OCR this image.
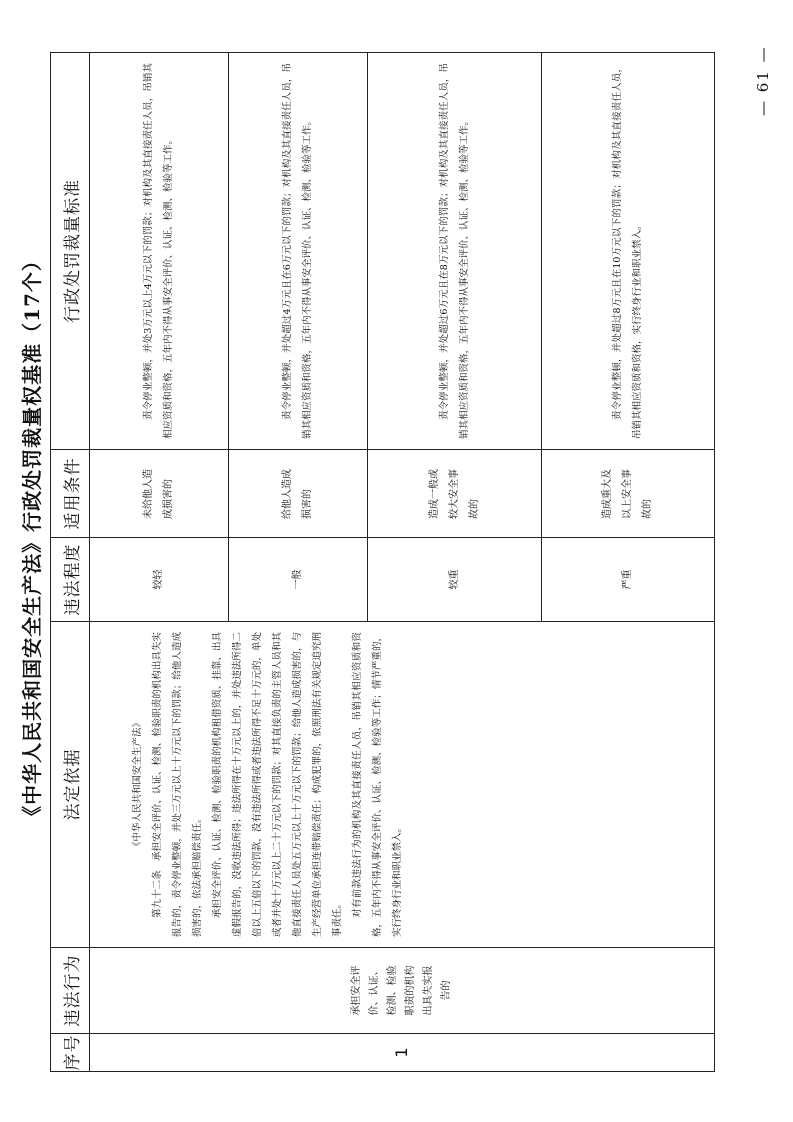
《中华人民共和国安全生产法》行政处罚裁量权基准（17个）
序号	违法行为	法定依据	违法程度	适用条件	行政处罚裁量标准
1	承担安全评价、认证、检测、检验职责的机构出具失实报告的	《中华人民共和国安全生产法》 第九十二条　承担安全评价、认证、检测、检验职责的机构出具失实报告的，责令停业整顿，并处三万元以上十万元以下的罚款；给他人造成损害的，依法承担赔偿责任。 承担安全评价、认证、检测、检验职责的机构租借资质、挂靠、出具虚假报告的，没收违法所得；违法所得在十万元以上的，并处违法所得二倍以上五倍以下的罚款，没有违法所得或者违法所得不足十万元的，单处或者并处十万元以上二十万元以下的罚款；对其直接负责的主管人员和其他直接责任人员处五万元以上十万元以下的罚款；给他人造成损害的，与生产经营单位承担连带赔偿责任；构成犯罪的，依照刑法有关规定追究刑事责任。 对有前款违法行为的机构及其直接责任人员，吊销其相应资质和资格，五年内不得从事安全评价、认证、检测、检验等工作；情节严重的，实行终身行业和职业禁入。	较轻	未给他人造成损害的	责令停业整顿，并处3万元以上4万元以下的罚款；对机构及其直接责任人员，吊销其相应资质和资格，五年内不得从事安全评价、认证、检测、检验等工作。
			一般	给他人造成损害的	责令停业整顿，并处超过4万元且在6万元以下的罚款；对机构及其直接责任人员，吊销其相应资质和资格，五年内不得从事安全评价、认证、检测、检验等工作。
			较重	造成一般或较大安全事故的	责令停业整顿，并处超过6万元且在8万元以下的罚款；对机构及其直接责任人员，吊销其相应资质和资格，五年内不得从事安全评价、认证、检测、检验等工作。
			严重	造成重大及以上安全事故的	责令停业整顿，并处超过8万元且在10万元以下的罚款；对机构及其直接责任人员，吊销其相应资质和资格，实行终身行业和职业禁入。
— 61 —
